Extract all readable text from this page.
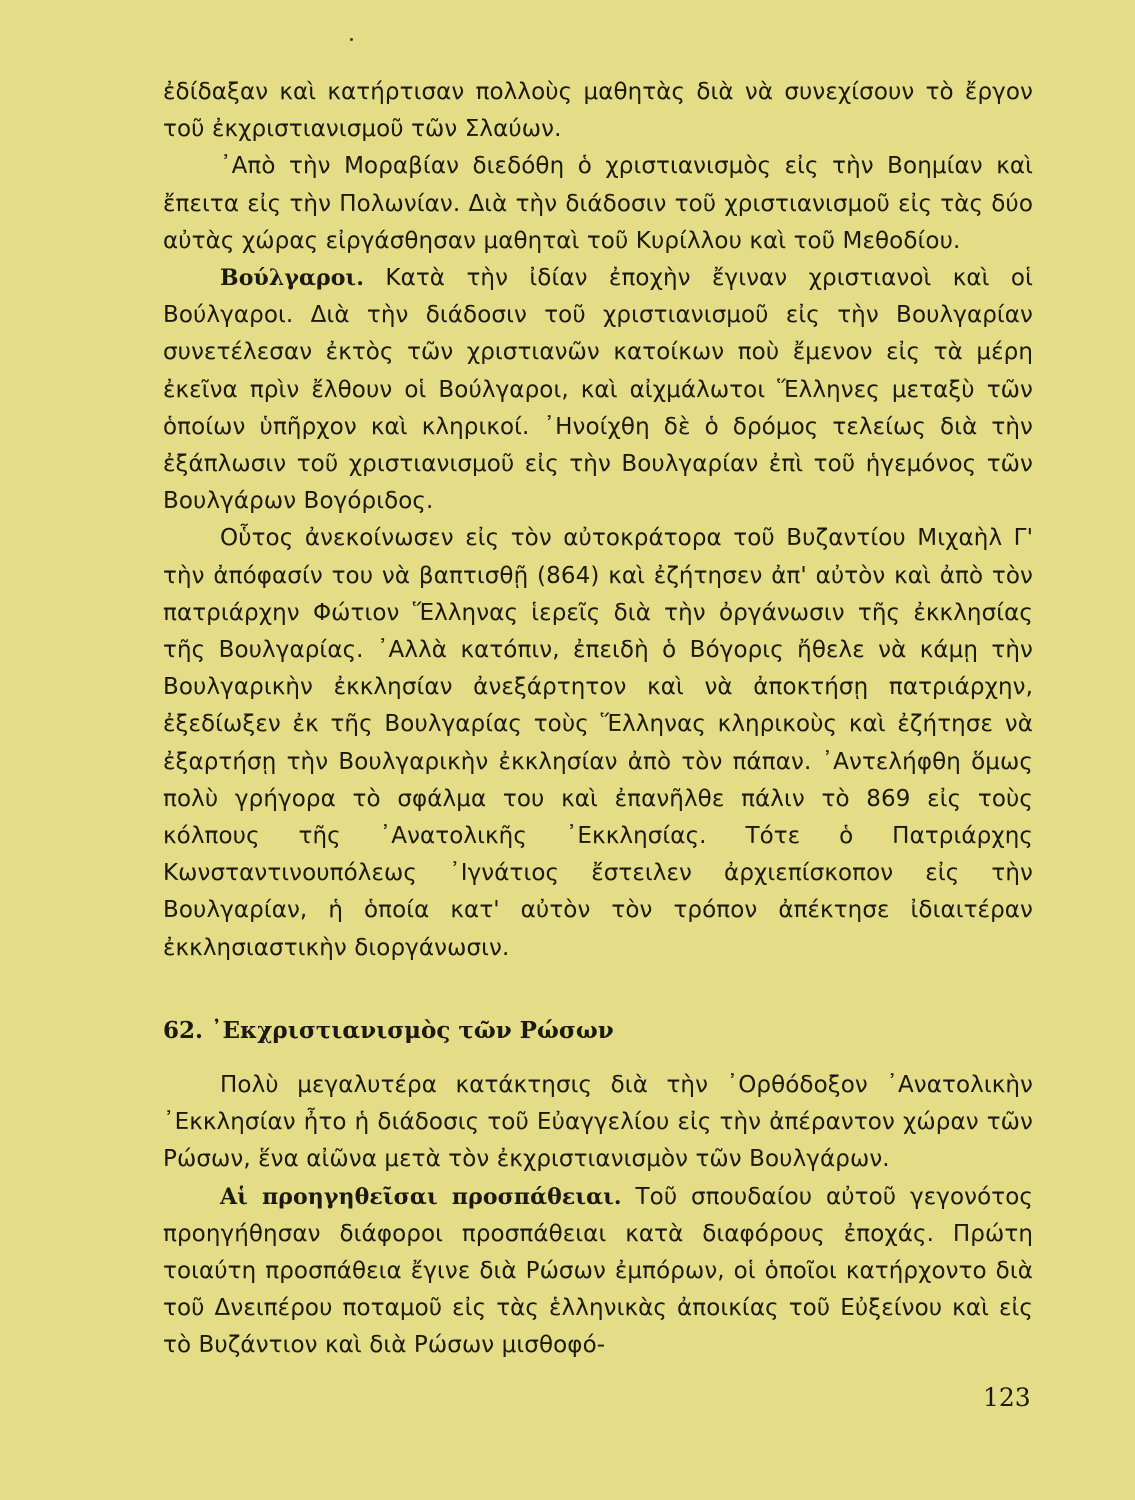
ἐδίδαξαν καὶ κατήρτισαν πολλοὺς μαθητὰς διὰ νὰ συνεχίσουν τὸ ἔργον τοῦ ἐκχριστιανισμοῦ τῶν Σλαύων.

᾿Απὸ τὴν Μοραβίαν διεδόθη ὁ χριστιανισμὸς εἰς τὴν Βοημίαν καὶ ἔπειτα εἰς τὴν Πολωνίαν. Διὰ τὴν διάδοσιν τοῦ χριστιανισμοῦ εἰς τὰς δύο αὐτὰς χώρας εἰργάσθησαν μαθηταὶ τοῦ Κυρίλλου καὶ τοῦ Μεθοδίου.

Βούλγαροι. Κατὰ τὴν ἰδίαν ἐποχὴν ἔγιναν χριστιανοὶ καὶ οἱ Βούλγαροι. Διὰ τὴν διάδοσιν τοῦ χριστιανισμοῦ εἰς τὴν Βουλγαρίαν συνετέλεσαν ἐκτὸς τῶν χριστιανῶν κατοίκων ποὺ ἔμενον εἰς τὰ μέρη ἐκεῖνα πρὶν ἔλθουν οἱ Βούλγαροι, καὶ αἰχμάλωτοι Ἕλληνες μεταξὺ τῶν ὁποίων ὑπῆρχον καὶ κληρικοί. ᾿Ηνοίχθη δὲ ὁ δρόμος τελείως διὰ τὴν ἐξάπλωσιν τοῦ χριστιανισμοῦ εἰς τὴν Βουλγαρίαν ἐπὶ τοῦ ἡγεμόνος τῶν Βουλγάρων Βογόριδος.

Οὗτος ἀνεκοίνωσεν εἰς τὸν αὐτοκράτορα τοῦ Βυζαντίου Μιχαὴλ Γ' τὴν ἀπόφασίν του νὰ βαπτισθῇ (864) καὶ ἐζήτησεν ἀπ' αὐτὸν καὶ ἀπὸ τὸν πατριάρχην Φώτιον Ἕλληνας ἱερεῖς διὰ τὴν ὀργάνωσιν τῆς ἐκκλησίας τῆς Βουλγαρίας. ᾿Αλλὰ κατόπιν, ἐπειδὴ ὁ Βόγορις ἤθελε νὰ κάμῃ τὴν Βουλγαρικὴν ἐκκλησίαν ἀνεξάρτητον καὶ νὰ ἀποκτήσῃ πατριάρχην, ἐξεδίωξεν ἐκ τῆς Βουλγαρίας τοὺς Ἕλληνας κληρικοὺς καὶ ἐζήτησε νὰ ἐξαρτήσῃ τὴν Βουλγαρικὴν ἐκκλησίαν ἀπὸ τὸν πάπαν. ᾿Αντελήφθη ὅμως πολὺ γρήγορα τὸ σφάλμα του καὶ ἐπανῆλθε πάλιν τὸ 869 εἰς τοὺς κόλπους τῆς ᾿Ανατολικῆς ᾿Εκκλησίας. Τότε ὁ Πατριάρχης Κωνσταντινουπόλεως ᾿Ιγνάτιος ἔστειλεν ἀρχιεπίσκοπον εἰς τὴν Βουλγαρίαν, ἡ ὁποία κατ' αὐτὸν τὸν τρόπον ἀπέκτησε ἰδιαιτέραν ἐκκλησιαστικὴν διοργάνωσιν.

62. ᾿Εκχριστιανισμὸς τῶν Ρώσων

Πολὺ μεγαλυτέρα κατάκτησις διὰ τὴν ᾿Ορθόδοξον ᾿Ανατολικὴν ᾿Εκκλησίαν ἦτο ἡ διάδοσις τοῦ Εὐαγγελίου εἰς τὴν ἀπέραντον χώραν τῶν Ρώσων, ἕνα αἰῶνα μετὰ τὸν ἐκχριστιανισμὸν τῶν Βουλγάρων.

Αἱ προηγηθεῖσαι προσπάθειαι. Τοῦ σπουδαίου αὐτοῦ γεγονότος προηγήθησαν διάφοροι προσπάθειαι κατὰ διαφόρους ἐποχάς. Πρώτη τοιαύτη προσπάθεια ἔγινε διὰ Ρώσων ἐμπόρων, οἱ ὁποῖοι κατήρχοντο διὰ τοῦ Δνειπέρου ποταμοῦ εἰς τὰς ἑλληνικὰς ἀποικίας τοῦ Εὐξείνου καὶ εἰς τὸ Βυζάντιον καὶ διὰ Ρώσων μισθοφό-

123
